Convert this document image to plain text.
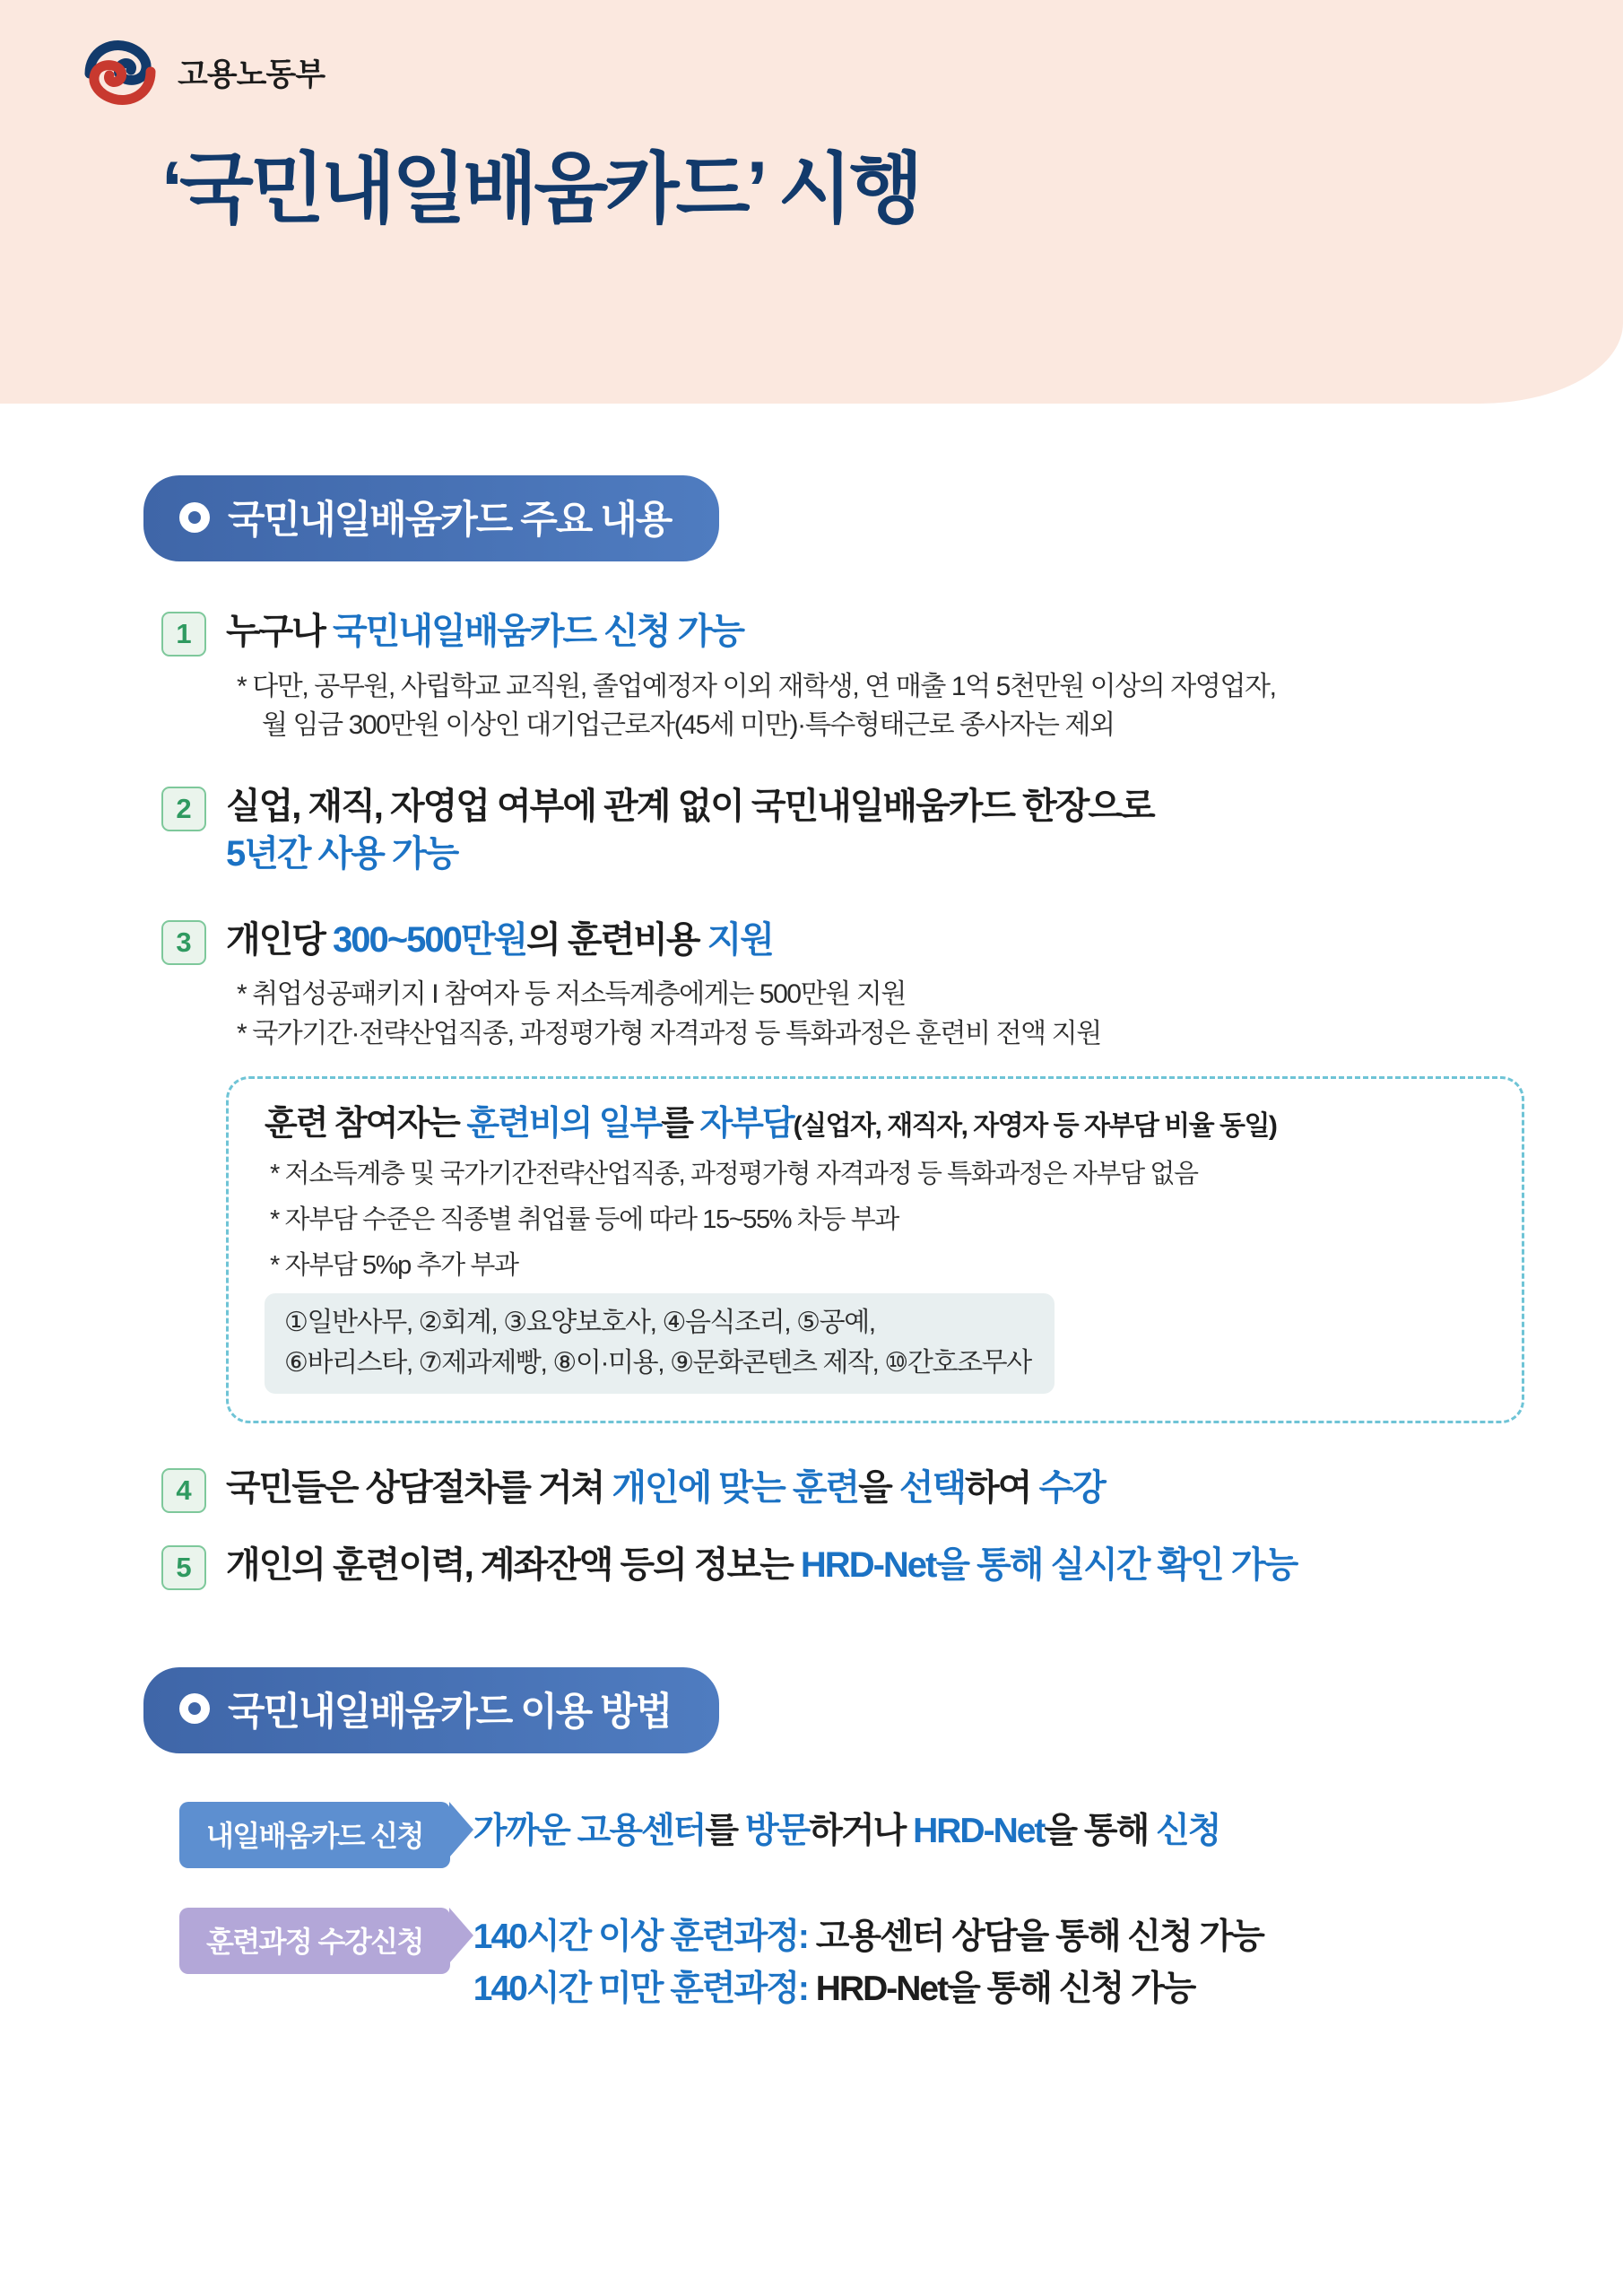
고용노동부
‘국민내일배움카드’ 시행
국민내일배움카드 주요 내용
1 누구나 국민내일배움카드 신청 가능
* 다만, 공무원, 사립학교 교직원, 졸업예정자 이외 재학생, 연 매출 1억 5천만원 이상의 자영업자,
월 임금 300만원 이상인 대기업근로자(45세 미만)·특수형태근로 종사자는 제외
2 실업, 재직, 자영업 여부에 관계 없이 국민내일배움카드 한장으로
5년간 사용 가능
3 개인당 300~500만원의 훈련비용 지원
* 취업성공패키지 I 참여자 등 저소득계층에게는 500만원 지원
* 국가기간·전략산업직종, 과정평가형 자격과정 등 특화과정은 훈련비 전액 지원
훈련 참여자는 훈련비의 일부를 자부담(실업자, 재직자, 자영자 등 자부담 비율 동일)
* 저소득계층 및 국가기간전략산업직종, 과정평가형 자격과정 등 특화과정은 자부담 없음
* 자부담 수준은 직종별 취업률 등에 따라 15~55% 차등 부과
* 자부담 5%p 추가 부과
①일반사무, ②회계, ③요양보호사, ④음식조리, ⑤공예,
⑥바리스타, ⑦제과제빵, ⑧이·미용, ⑨문화콘텐츠 제작, ⑩간호조무사
4 국민들은 상담절차를 거쳐 개인에 맞는 훈련을 선택하여 수강
5 개인의 훈련이력, 계좌잔액 등의 정보는 HRD-Net을 통해 실시간 확인 가능
국민내일배움카드 이용 방법
내일배움카드 신청	가까운 고용센터를 방문하거나 HRD-Net을 통해 신청
훈련과정 수강신청	140시간 이상 훈련과정: 고용센터 상담을 통해 신청 가능
140시간 미만 훈련과정: HRD-Net을 통해 신청 가능
